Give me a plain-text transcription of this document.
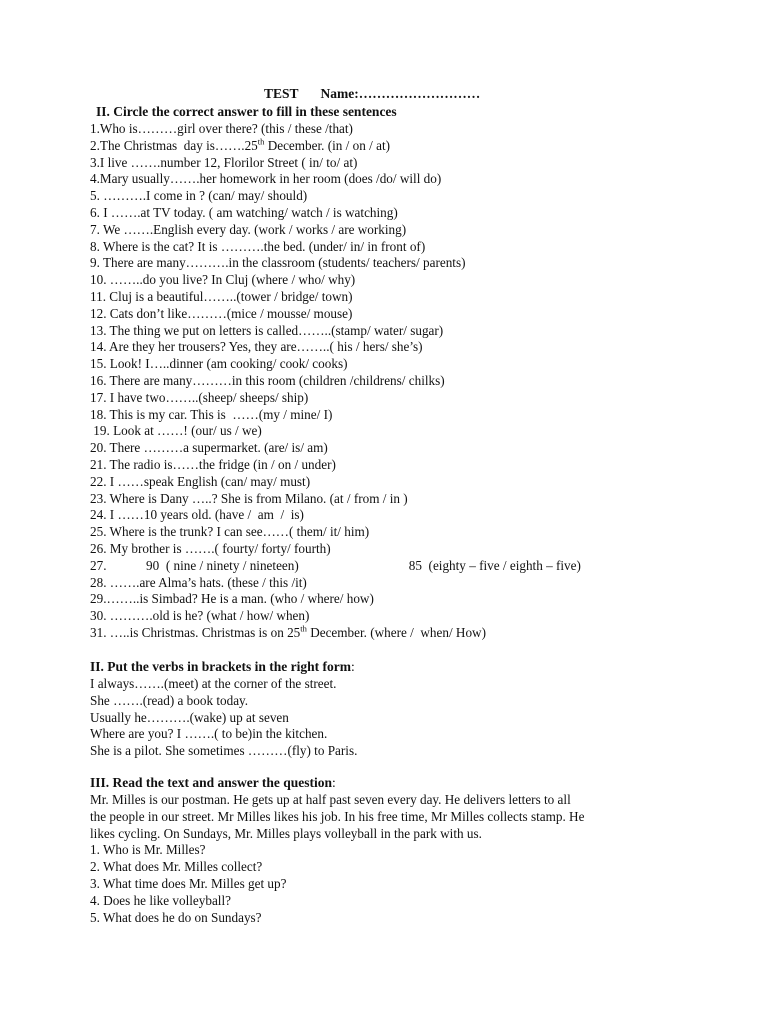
TEST Name:………………………
II. Circle the correct answer to fill in these sentences
1.Who is………girl over there? (this / these /that)
2.The Christmas  day is…….25th December. (in / on / at)
3.I live …….number 12, Florilor Street ( in/ to/ at)
4.Mary usually…….her homework in her room (does /do/ will do)
5. ……….I come in ? (can/ may/ should)
6. I …….at TV today. ( am watching/ watch / is watching)
7. We …….English every day. (work / works / are working)
8. Where is the cat? It is ……….the bed. (under/ in/ in front of)
9. There are many……….in the classroom (students/ teachers/ parents)
10. ……..do you live? In Cluj (where / who/ why)
11. Cluj is a beautiful……..(tower / bridge/ town)
12. Cats don’t like………(mice / mousse/ mouse)
13. The thing we put on letters is called……..(stamp/ water/ sugar)
14. Are they her trousers? Yes, they are……..( his / hers/ she’s)
15. Look! I…..dinner (am cooking/ cook/ cooks)
16. There are many………in this room (children /childrens/ chilks)
17. I have two……..(sheep/ sheeps/ ship)
18. This is my car. This is  ……(my / mine/ I)
19. Look at ……! (our/ us / we)
20. There ………a supermarket. (are/ is/ am)
21. The radio is……the fridge (in / on / under)
22. I ……speak English (can/ may/ must)
23. Where is Dany …..? She is from Milano. (at / from / in )
24. I ……10 years old. (have /  am  /  is)
25. Where is the trunk? I can see……( them/ it/ him)
26. My brother is …….( fourty/ forty/ fourth)
27.            90  ( nine / ninety / nineteen)	85  (eighty – five / eighth – five)
28. …….are Alma’s hats. (these / this /it)
29.……..is Simbad? He is a man. (who / where/ how)
30. ……….old is he? (what / how/ when)
31. …..is Christmas. Christmas is on 25th December. (where /  when/ How)
II. Put the verbs in brackets in the right form:
I always…….(meet) at the corner of the street.
She …….(read) a book today.
Usually he……….(wake) up at seven
Where are you? I …….( to be)in the kitchen.
She is a pilot. She sometimes ………(fly) to Paris.
III. Read the text and answer the question:
Mr. Milles is our postman. He gets up at half past seven every day. He delivers letters to all
the people in our street. Mr Milles likes his job. In his free time, Mr Milles collects stamp. He
likes cycling. On Sundays, Mr. Milles plays volleyball in the park with us.
1. Who is Mr. Milles?
2. What does Mr. Milles collect?
3. What time does Mr. Milles get up?
4. Does he like volleyball?
5. What does he do on Sundays?
